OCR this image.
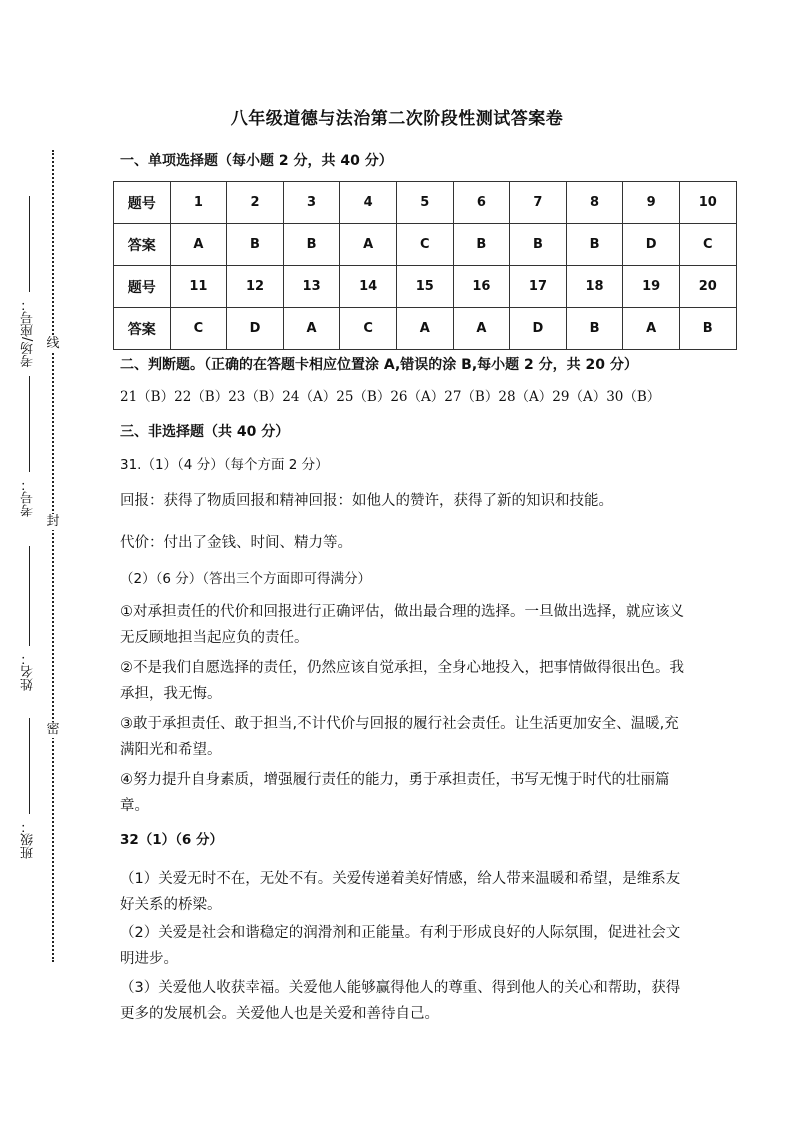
线
封
密
考场/座号：
考号：
姓名：
班级：
八年级道德与法治第二次阶段性测试答案卷
一、单项选择题（每小题 2 分，共 40 分）
题号	1	2	3	4	5	6	7	8	9	10
答案	A	B	B	A	C	B	B	B	D	C
题号	11	12	13	14	15	16	17	18	19	20
答案	C	D	A	C	A	A	D	B	A	B
二、判断题。（正确的在答题卡相应位置涂 A,错误的涂 B,每小题 2 分，共 20 分）
21（B）22（B）23（B）24（A）25（B）26（A）27（B）28（A）29（A）30（B）
三、非选择题（共 40 分）
31.（1）（4 分）（每个方面 2 分）
回报：获得了物质回报和精神回报：如他人的赞许，获得了新的知识和技能。
代价：付出了金钱、时间、精力等。
（2）（6 分）（答出三个方面即可得满分）
①对承担责任的代价和回报进行正确评估，做出最合理的选择。一旦做出选择，就应该义无反顾地担当起应负的责任。
②不是我们自愿选择的责任，仍然应该自觉承担，全身心地投入，把事情做得很出色。我承担，我无悔。
③敢于承担责任、敢于担当,不计代价与回报的履行社会责任。让生活更加安全、温暖,充满阳光和希望。
④努力提升自身素质，增强履行责任的能力，勇于承担责任，书写无愧于时代的壮丽篇章。
32（1）（6 分）
（1）关爱无时不在，无处不有。关爱传递着美好情感，给人带来温暖和希望，是维系友好关系的桥梁。
（2）关爱是社会和谐稳定的润滑剂和正能量。有利于形成良好的人际氛围，促进社会文明进步。
（3）关爱他人收获幸福。关爱他人能够赢得他人的尊重、得到他人的关心和帮助，获得更多的发展机会。关爱他人也是关爱和善待自己。
